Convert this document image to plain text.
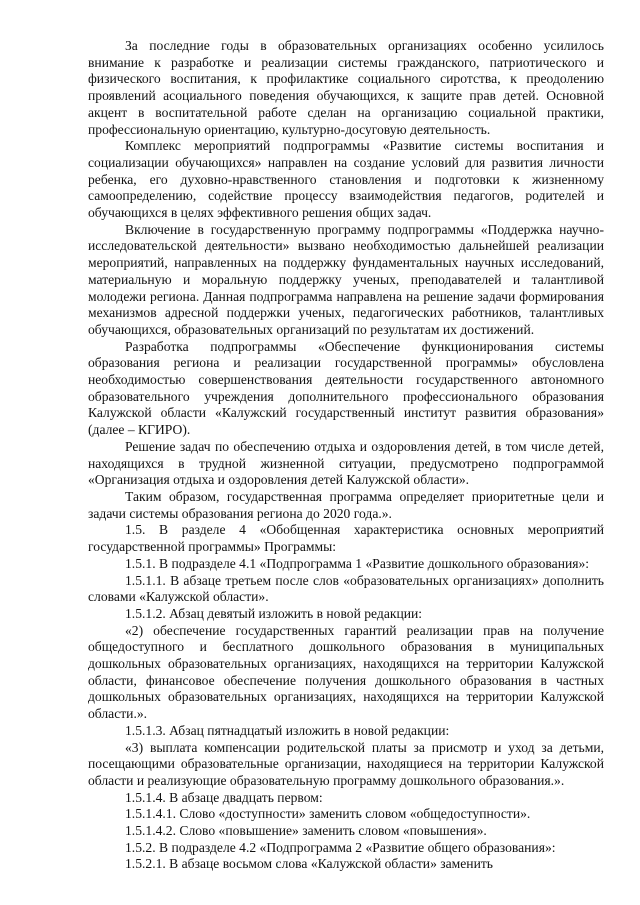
За последние годы в образовательных организациях особенно усилилось внимание к разработке и реализации системы гражданского, патриотического и физического воспитания, к профилактике социального сиротства, к преодолению проявлений асоциального поведения обучающихся, к защите прав детей. Основной акцент в воспитательной работе сделан на организацию социальной практики, профессиональную ориентацию, культурно-досуговую деятельность.

Комплекс мероприятий подпрограммы «Развитие системы воспитания и социализации обучающихся» направлен на создание условий для развития личности ребенка, его духовно-нравственного становления и подготовки к жизненному самоопределению, содействие процессу взаимодействия педагогов, родителей и обучающихся в целях эффективного решения общих задач.

Включение в государственную программу подпрограммы «Поддержка научно-исследовательской деятельности» вызвано необходимостью дальнейшей реализации мероприятий, направленных на поддержку фундаментальных научных исследований, материальную и моральную поддержку ученых, преподавателей и талантливой молодежи региона. Данная подпрограмма направлена на решение задачи формирования механизмов адресной поддержки ученых, педагогических работников, талантливых обучающихся, образовательных организаций по результатам их достижений.

Разработка подпрограммы «Обеспечение функционирования системы образования региона и реализации государственной программы» обусловлена необходимостью совершенствования деятельности государственного автономного образовательного учреждения дополнительного профессионального образования Калужской области «Калужский государственный институт развития образования» (далее – КГИРО).

Решение задач по обеспечению отдыха и оздоровления детей, в том числе детей, находящихся в трудной жизненной ситуации, предусмотрено подпрограммой «Организация отдыха и оздоровления детей Калужской области».

Таким образом, государственная программа определяет приоритетные цели и задачи системы образования региона до 2020 года.».

1.5. В разделе 4 «Обобщенная характеристика основных мероприятий государственной программы» Программы:

1.5.1. В подразделе 4.1 «Подпрограмма 1 «Развитие дошкольного образования»:

1.5.1.1. В абзаце третьем после слов «образовательных организациях» дополнить словами «Калужской области».

1.5.1.2. Абзац девятый изложить в новой редакции:

«2) обеспечение государственных гарантий реализации прав на получение общедоступного и бесплатного дошкольного образования в муниципальных дошкольных образовательных организациях, находящихся на территории Калужской области, финансовое обеспечение получения дошкольного образования в частных дошкольных образовательных организациях, находящихся на территории Калужской области.».

1.5.1.3. Абзац пятнадцатый изложить в новой редакции:

«3) выплата компенсации родительской платы за присмотр и уход за детьми, посещающими образовательные организации, находящиеся на территории Калужской области и реализующие образовательную программу дошкольного образования.».

1.5.1.4. В абзаце двадцать первом:

1.5.1.4.1. Слово «доступности» заменить словом «общедоступности».

1.5.1.4.2. Слово «повышение» заменить словом «повышения».

1.5.2. В подразделе 4.2 «Подпрограмма 2 «Развитие общего образования»:

1.5.2.1. В абзаце восьмом слова «Калужской области» заменить
